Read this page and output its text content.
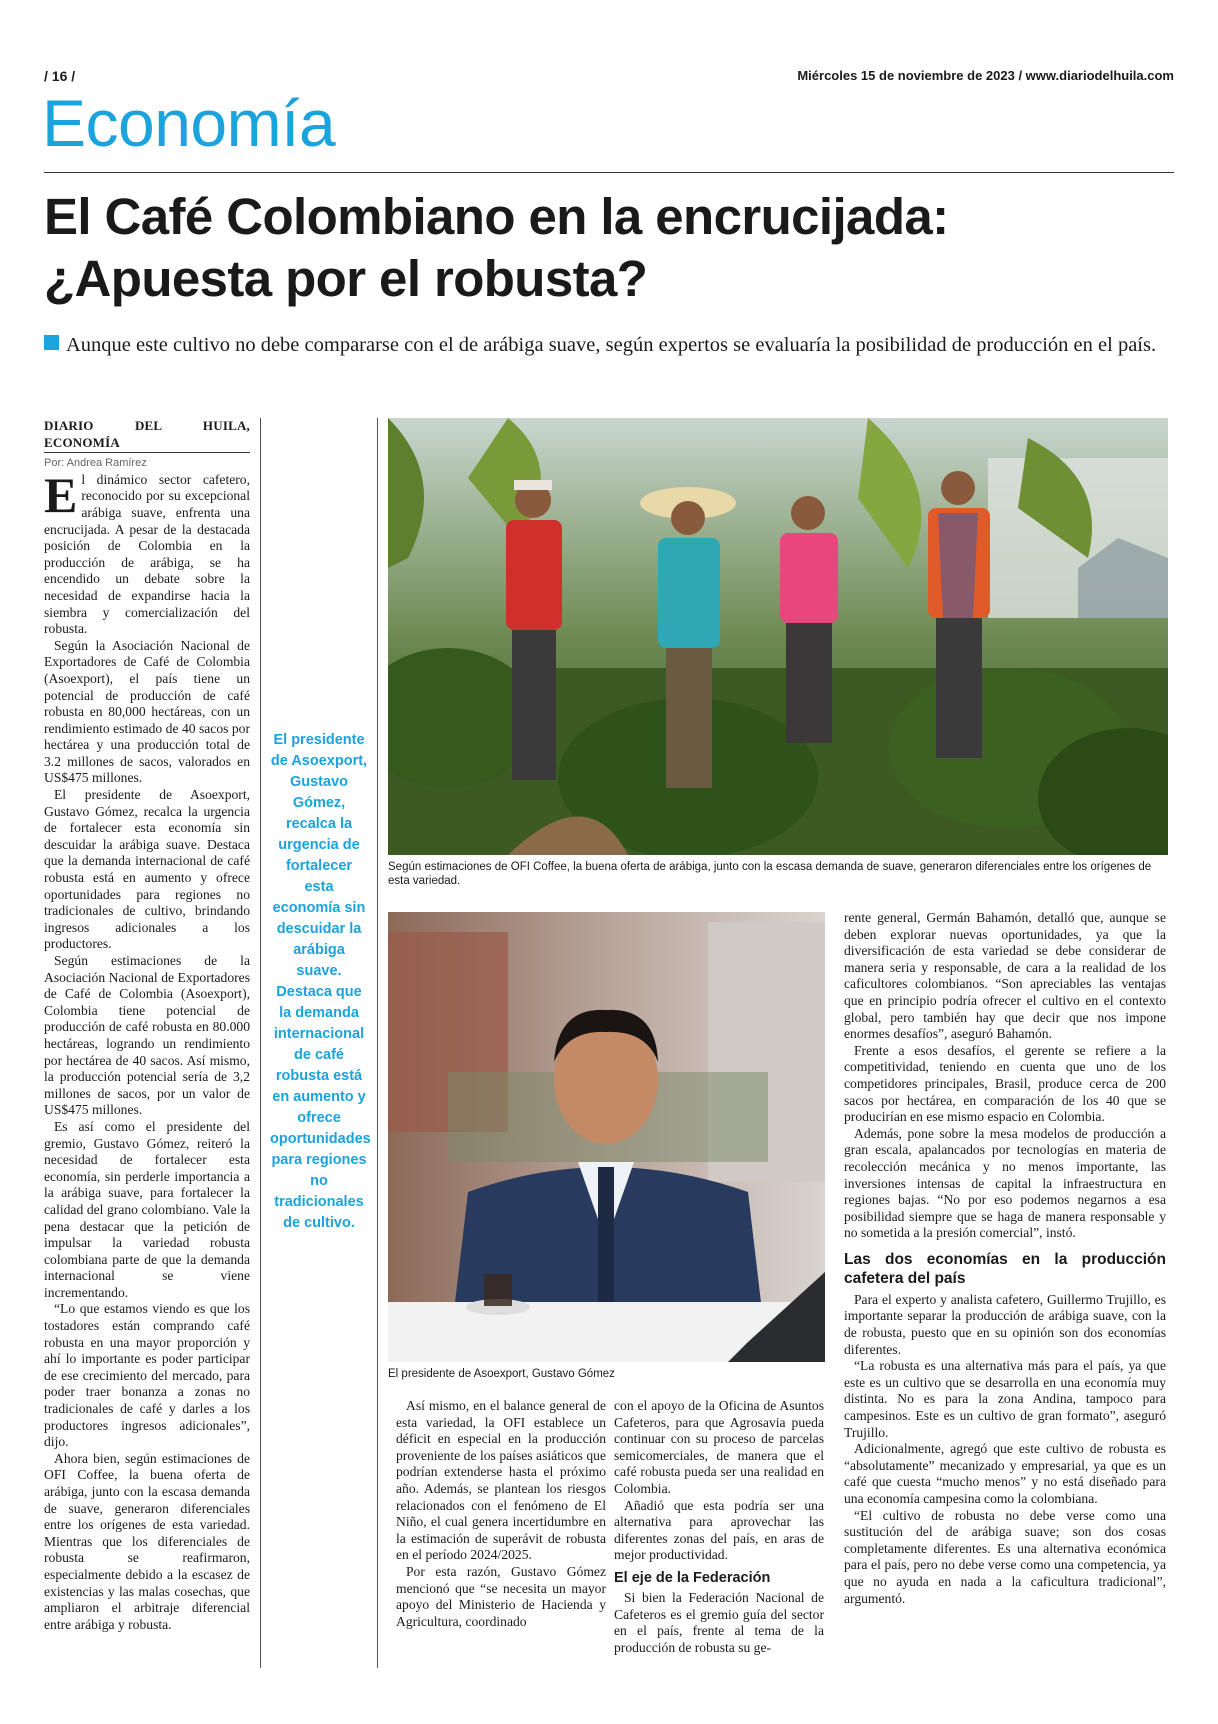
/ 16 /	Miércoles 15 de noviembre de 2023 / www.diariodelhuila.com
Economía
El Café Colombiano en la encrucijada: ¿Apuesta por el robusta?
Aunque este cultivo no debe compararse con el de arábiga suave, según expertos se evaluaría la posibilidad de producción en el país.
DIARIO DEL HUILA, ECONOMÍA
Por: Andrea Ramírez

El dinámico sector cafetero, reconocido por su excepcional arábiga suave, enfrenta una encrucijada. A pesar de la destacada posición de Colombia en la producción de arábiga, se ha encendido un debate sobre la necesidad de expandirse hacia la siembra y comercialización del robusta.

Según la Asociación Nacional de Exportadores de Café de Colombia (Asoexport), el país tiene un potencial de producción de café robusta en 80,000 hectáreas, con un rendimiento estimado de 40 sacos por hectárea y una producción total de 3.2 millones de sacos, valorados en US$475 millones.

El presidente de Asoexport, Gustavo Gómez, recalca la urgencia de fortalecer esta economía sin descuidar la arábiga suave. Destaca que la demanda internacional de café robusta está en aumento y ofrece oportunidades para regiones no tradicionales de cultivo, brindando ingresos adicionales a los productores.

Según estimaciones de la Asociación Nacional de Exportadores de Café de Colombia (Asoexport), Colombia tiene potencial de producción de café robusta en 80.000 hectáreas, logrando un rendimiento por hectárea de 40 sacos. Así mismo, la producción potencial sería de 3,2 millones de sacos, por un valor de US$475 millones.

Es así como el presidente del gremio, Gustavo Gómez, reiteró la necesidad de fortalecer esta economía, sin perderle importancia a la arábiga suave, para fortalecer la calidad del grano colombiano. Vale la pena destacar que la petición de impulsar la variedad robusta colombiana parte de que la demanda internacional se viene incrementando.

“Lo que estamos viendo es que los tostadores están comprando café robusta en una mayor proporción y ahí lo importante es poder participar de ese crecimiento del mercado, para poder traer bonanza a zonas no tradicionales de café y darles a los productores ingresos adicionales”, dijo.

Ahora bien, según estimaciones de OFI Coffee, la buena oferta de arábiga, junto con la escasa demanda de suave, generaron diferenciales entre los orígenes de esta variedad. Mientras que los diferenciales de robusta se reafirmaron, especialmente debido a la escasez de existencias y las malas cosechas, que ampliaron el arbitraje diferencial entre arábiga y robusta.

El presidente de Asoexport, Gustavo Gómez, recalca la urgencia de fortalecer esta economía sin descuidar la arábiga suave. Destaca que la demanda internacional de café robusta está en aumento y ofrece oportunidades para regiones no tradicionales de cultivo.
Según estimaciones de OFI Coffee, la buena oferta de arábiga, junto con la escasa demanda de suave, generaron diferenciales entre los orígenes de esta variedad.
El presidente de Asoexport, Gustavo Gómez

Así mismo, en el balance general de esta variedad, la OFI establece un déficit en especial en la producción proveniente de los países asiáticos que podrían extenderse hasta el próximo año. Además, se plantean los riesgos relacionados con el fenómeno de El Niño, el cual genera incertidumbre en la estimación de superávit de robusta en el período 2024/2025.

Por esta razón, Gustavo Gómez mencionó que “se necesita un mayor apoyo del Ministerio de Hacienda y Agricultura, coordinado

con el apoyo de la Oficina de Asuntos Cafeteros, para que Agrosavia pueda continuar con su proceso de parcelas semicomerciales, de manera que el café robusta pueda ser una realidad en Colombia.

Añadió que esta podría ser una alternativa para aprovechar las diferentes zonas del país, en aras de mejor productividad.

El eje de la Federación

Si bien la Federación Nacional de Cafeteros es el gremio guía del sector en el país, frente al tema de la producción de robusta su ge-

rente general, Germán Bahamón, detalló que, aunque se deben explorar nuevas oportunidades, ya que la diversificación de esta variedad se debe considerar de manera seria y responsable, de cara a la realidad de los caficultores colombianos. “Son apreciables las ventajas que en principio podría ofrecer el cultivo en el contexto global, pero también hay que decir que nos impone enormes desafíos”, aseguró Bahamón.

Frente a esos desafíos, el gerente se refiere a la competitividad, teniendo en cuenta que uno de los competidores principales, Brasil, produce cerca de 200 sacos por hectárea, en comparación de los 40 que se producirían en ese mismo espacio en Colombia.

Además, pone sobre la mesa modelos de producción a gran escala, apalancados por tecnologías en materia de recolección mecánica y no menos importante, las inversiones intensas de capital la infraestructura en regiones bajas. “No por eso podemos negarnos a esa posibilidad siempre que se haga de manera responsable y no sometida a la presión comercial”, instó.

Las dos economías en la producción cafetera del país

Para el experto y analista cafetero, Guillermo Trujillo, es importante separar la producción de arábiga suave, con la de robusta, puesto que en su opinión son dos economías diferentes.

“La robusta es una alternativa más para el país, ya que este es un cultivo que se desarrolla en una economía muy distinta. No es para la zona Andina, tampoco para campesinos. Este es un cultivo de gran formato”, aseguró Trujillo.

Adicionalmente, agregó que este cultivo de robusta es “absolutamente” mecanizado y empresarial, ya que es un café que cuesta “mucho menos” y no está diseñado para una economía campesina como la colombiana.

“El cultivo de robusta no debe verse como una sustitución del de arábiga suave; son dos cosas completamente diferentes. Es una alternativa económica para el país, pero no debe verse como una competencia, ya que no ayuda en nada a la caficultura tradicional”, argumentó.
